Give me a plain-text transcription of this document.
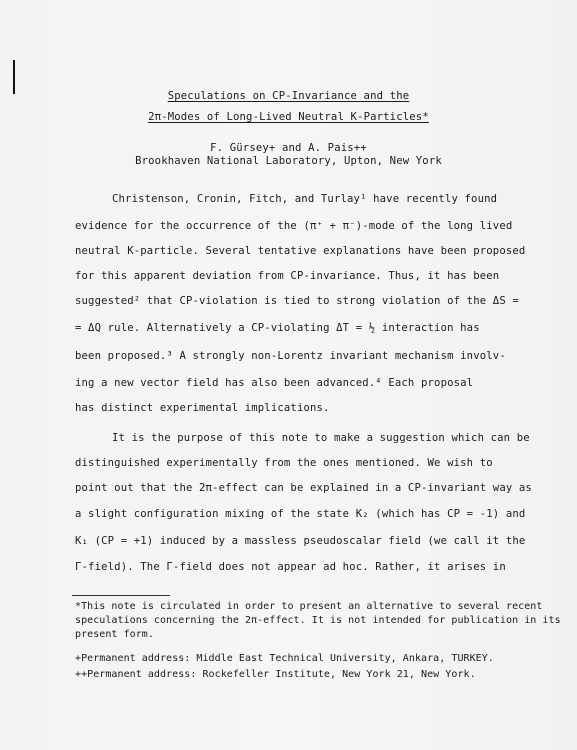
Speculations on CP-Invariance and the
2π-Modes of Long-Lived Neutral K-Particles*
F. Gürsey+ and A. Pais++
Brookhaven National Laboratory, Upton, New York
Christenson, Cronin, Fitch, and Turlay¹ have recently found
evidence for the occurrence of the (π⁺ + π⁻)-mode of the long lived
neutral K-particle. Several tentative explanations have been proposed
for this apparent deviation from CP-invariance. Thus, it has been
suggested² that CP-violation is tied to strong violation of the ΔS =
= ΔQ rule. Alternatively a CP-violating ΔT = ½ interaction has
been proposed.³ A strongly non-Lorentz invariant mechanism involv-
ing a new vector field has also been advanced.⁴ Each proposal
has distinct experimental implications.
It is the purpose of this note to make a suggestion which can be
distinguished experimentally from the ones mentioned. We wish to
point out that the 2π-effect can be explained in a CP-invariant way as
a slight configuration mixing of the state K₂ (which has CP = -1) and
K₁ (CP = +1) induced by a massless pseudoscalar field (we call it the
Γ-field). The Γ-field does not appear ad hoc. Rather, it arises in
*This note is circulated in order to present an alternative to several recent
speculations concerning the 2π-effect. It is not intended for publication in its
present form.
+Permanent address: Middle East Technical University, Ankara, TURKEY.
++Permanent address: Rockefeller Institute, New York 21, New York.
